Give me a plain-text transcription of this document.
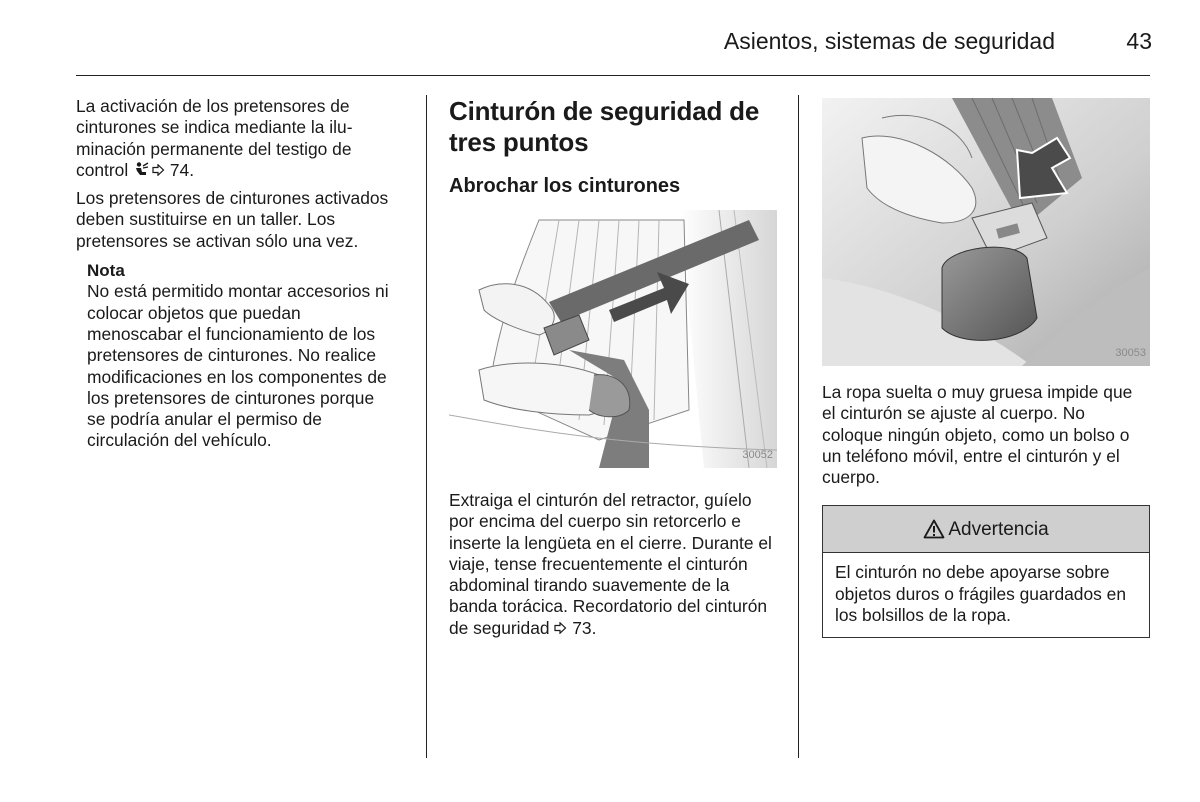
Asientos, sistemas de seguridad	43

La activación de los pretensores de cinturones se indica mediante la iluminación permanente del testigo de control 74.

Los pretensores de cinturones activados deben sustituirse en un taller. Los pretensores se activan sólo una vez.

Nota

No está permitido montar accesorios ni colocar objetos que puedan menoscabar el funcionamiento de los pretensores de cinturones. No realice modificaciones en los componentes de los pretensores de cinturones porque se podría anular el permiso de circulación del vehículo.

Cinturón de seguridad de tres puntos
Abrochar los cinturones
30052

Extraiga el cinturón del retractor, guíelo por encima del cuerpo sin retorcerlo e inserte la lengüeta en el cierre. Durante el viaje, tense frecuentemente el cinturón abdominal tirando suavemente de la banda torácica. Recordatorio del cinturón de seguridad 73.

30053

La ropa suelta o muy gruesa impide que el cinturón se ajuste al cuerpo. No coloque ningún objeto, como un bolso o un teléfono móvil, entre el cinturón y el cuerpo.

Advertencia
El cinturón no debe apoyarse sobre objetos duros o frágiles guardados en los bolsillos de la ropa.
